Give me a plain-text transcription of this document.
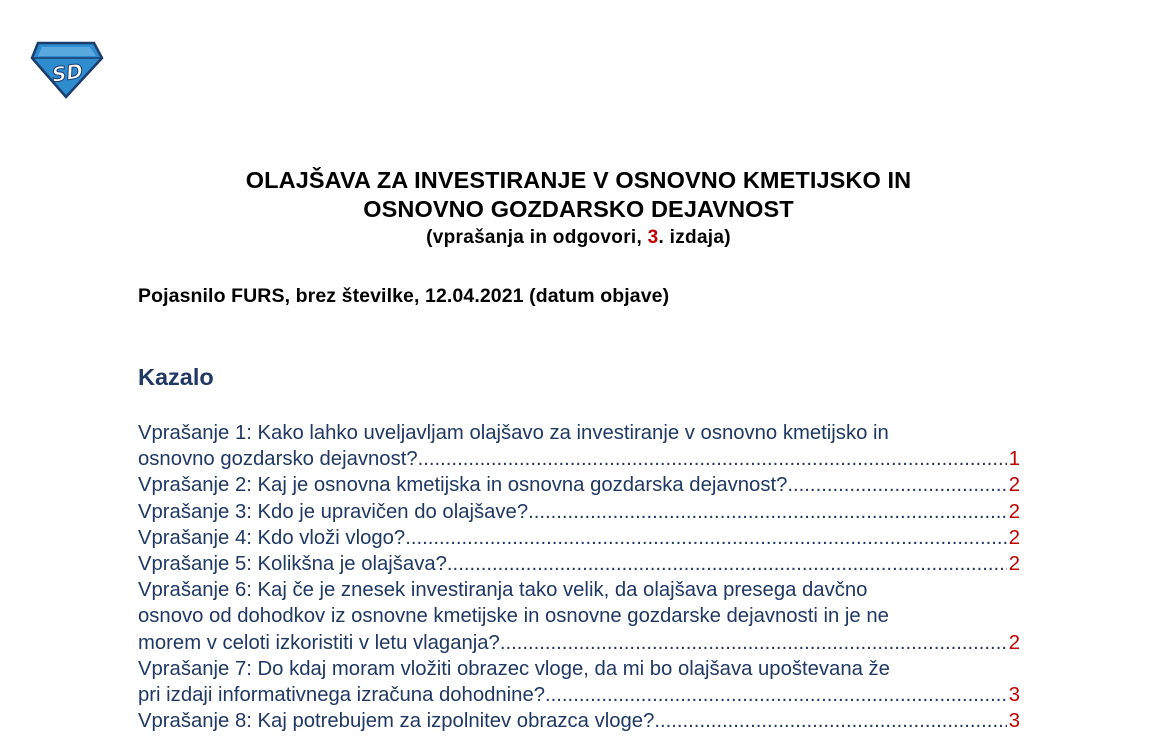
SD
OLAJŠAVA ZA INVESTIRANJE V OSNOVNO KMETIJSKO IN
OSNOVNO GOZDARSKO DEJAVNOST
(vprašanja in odgovori, 3. izdaja)
Pojasnilo FURS, brez številke, 12.04.2021 (datum objave)
Kazalo
Vprašanje 1: Kako lahko uveljavljam olajšavo za investiranje v osnovno kmetijsko in
osnovno gozdarsko dejavnost? .....	1
Vprašanje 2: Kaj je osnovna kmetijska in osnovna gozdarska dejavnost? .....	2
Vprašanje 3: Kdo je upravičen do olajšave? .....	2
Vprašanje 4: Kdo vloži vlogo? .....	2
Vprašanje 5: Kolikšna je olajšava? .....	2
Vprašanje 6: Kaj če je znesek investiranja tako velik, da olajšava presega davčno
osnovo od dohodkov iz osnovne kmetijske in osnovne gozdarske dejavnosti in je ne
morem v celoti izkoristiti v letu vlaganja? .....	2
Vprašanje 7: Do kdaj moram vložiti obrazec vloge, da mi bo olajšava upoštevana že
pri izdaji informativnega izračuna dohodnine? .....	3
Vprašanje 8: Kaj potrebujem za izpolnitev obrazca vloge? .....	3
